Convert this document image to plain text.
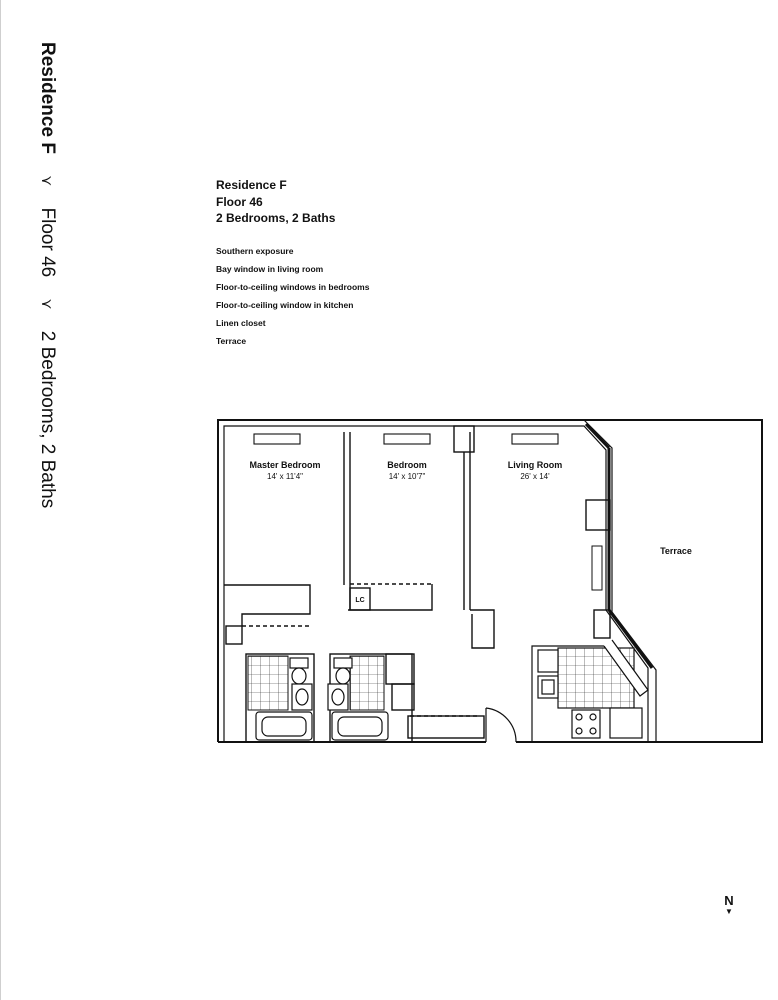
Residence F ⋎ Floor 46 ⋎ 2 Bedrooms, 2 Baths
Residence F
Floor 46
2 Bedrooms, 2 Baths
Southern exposure
Bay window in living room
Floor-to-ceiling windows in bedrooms
Floor-to-ceiling window in kitchen
Linen closet
Terrace
Master Bedroom
14' x 11'4"
Bedroom
14' x 10'7"
Living Room
26' x 14'
Terrace
LC
N
▼
